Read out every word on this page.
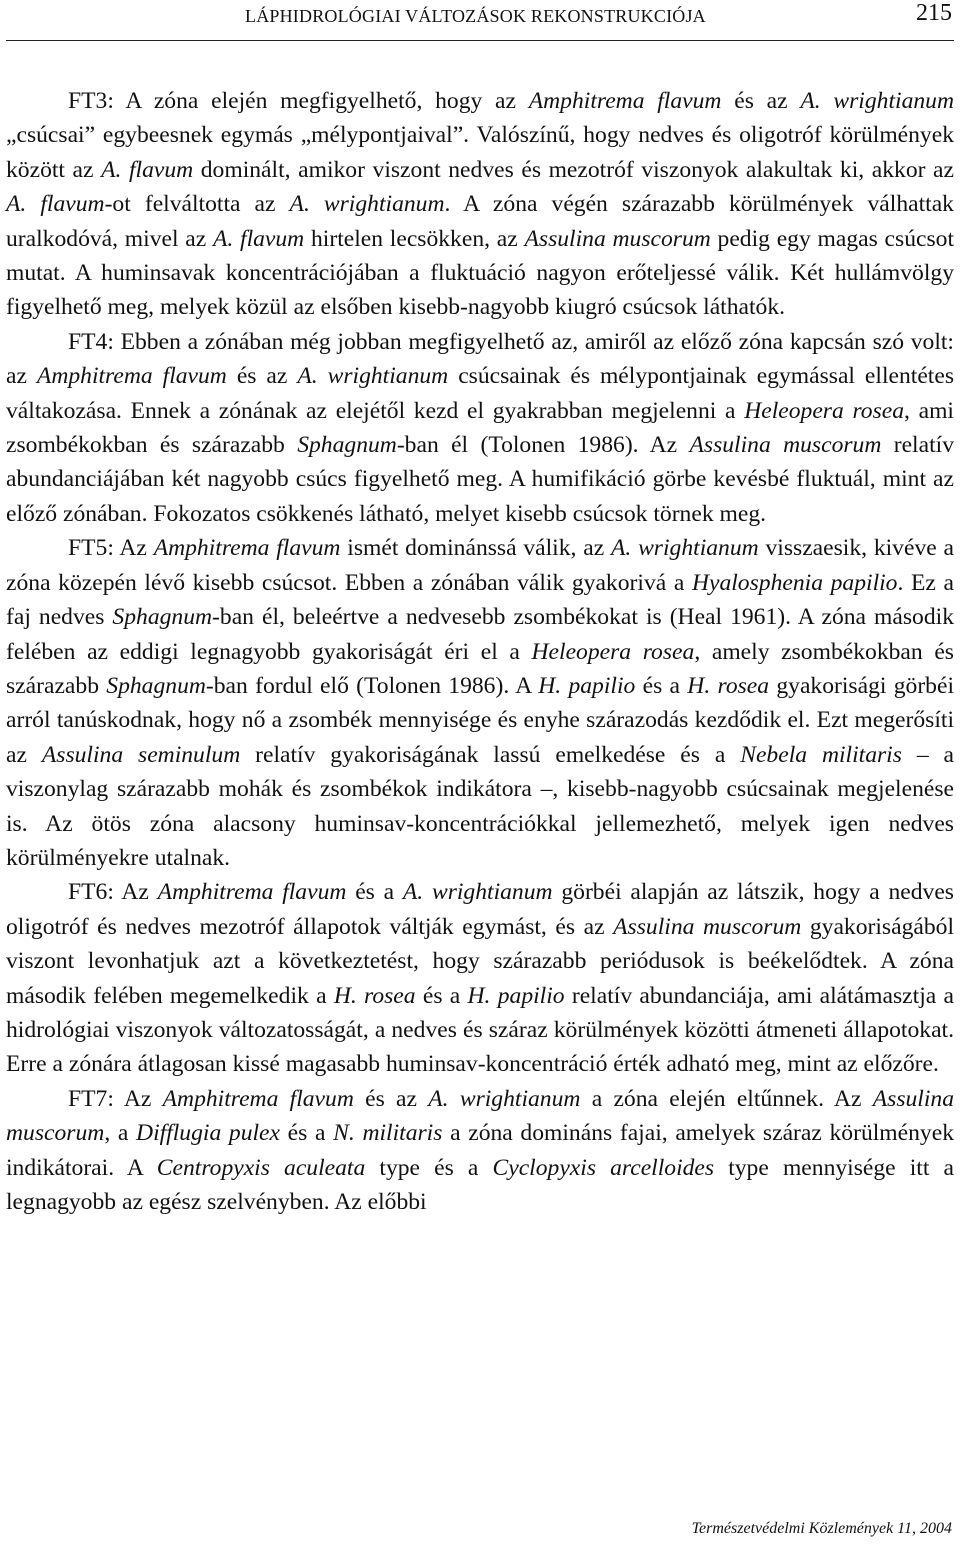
LÁPHIDROLÓGIAI VÁLTOZÁSOK REKONSTRUKCIÓJA	215

FT3: A zóna elején megfigyelhető, hogy az Amphitrema flavum és az A. wrightianum „csúcsai” egybeesnek egymás „mélypontjaival”. Valószínű, hogy nedves és oligotróf körülmények között az A. flavum dominált, amikor viszont nedves és mezotróf viszonyok alakultak ki, akkor az A. flavum-ot felváltotta az A. wrightianum. A zóna végén szárazabb körülmények válhattak uralkodóvá, mivel az A. flavum hirtelen lecsökken, az Assulina muscorum pedig egy magas csúcsot mutat. A huminsavak koncentrációjában a fluktuáció nagyon erőteljessé válik. Két hullámvölgy figyelhető meg, melyek közül az elsőben kisebb-nagyobb kiugró csúcsok láthatók.

FT4: Ebben a zónában még jobban megfigyelhető az, amiről az előző zóna kapcsán szó volt: az Amphitrema flavum és az A. wrightianum csúcsainak és mélypontjainak egymással ellentétes váltakozása. Ennek a zónának az elejétől kezd el gyakrabban megjelenni a Heleopera rosea, ami zsombékokban és szárazabb Sphagnum-ban él (Tolonen 1986). Az Assulina muscorum relatív abundanciájában két nagyobb csúcs figyelhető meg. A humifikáció görbe kevésbé fluktuál, mint az előző zónában. Fokozatos csökkenés látható, melyet kisebb csúcsok törnek meg.

FT5: Az Amphitrema flavum ismét dominánssá válik, az A. wrightianum visszaesik, kivéve a zóna közepén lévő kisebb csúcsot. Ebben a zónában válik gyakorivá a Hyalosphenia papilio. Ez a faj nedves Sphagnum-ban él, beleértve a nedvesebb zsombékokat is (Heal 1961). A zóna második felében az eddigi legnagyobb gyakoriságát éri el a Heleopera rosea, amely zsombékokban és szárazabb Sphagnum-ban fordul elő (Tolonen 1986). A H. papilio és a H. rosea gyakorisági görbéi arról tanúskodnak, hogy nő a zsombék mennyisége és enyhe szárazodás kezdődik el. Ezt megerősíti az Assulina seminulum relatív gyakoriságának lassú emelkedése és a Nebela militaris – a viszonylag szárazabb mohák és zsombékok indikátora –, kisebb-nagyobb csúcsainak megjelenése is. Az ötös zóna alacsony huminsav-koncentrációkkal jellemezhető, melyek igen nedves körülményekre utalnak.

FT6: Az Amphitrema flavum és a A. wrightianum görbéi alapján az látszik, hogy a nedves oligotróf és nedves mezotróf állapotok váltják egymást, és az Assulina muscorum gyakoriságából viszont levonhatjuk azt a következtetést, hogy szárazabb periódusok is beékelődtek. A zóna második felében megemelkedik a H. rosea és a H. papilio relatív abundanciája, ami alátámasztja a hidrológiai viszonyok változatosságát, a nedves és száraz körülmények közötti átmeneti állapotokat. Erre a zónára átlagosan kissé magasabb huminsav-koncentráció érték adható meg, mint az előzőre.

FT7: Az Amphitrema flavum és az A. wrightianum a zóna elején eltűnnek. Az Assulina muscorum, a Difflugia pulex és a N. militaris a zóna domináns fajai, amelyek száraz körülmények indikátorai. A Centropyxis aculeata type és a Cyclopyxis arcelloides type mennyisége itt a legnagyobb az egész szelvényben. Az előbbi

Természetvédelmi Közlemények 11, 2004
